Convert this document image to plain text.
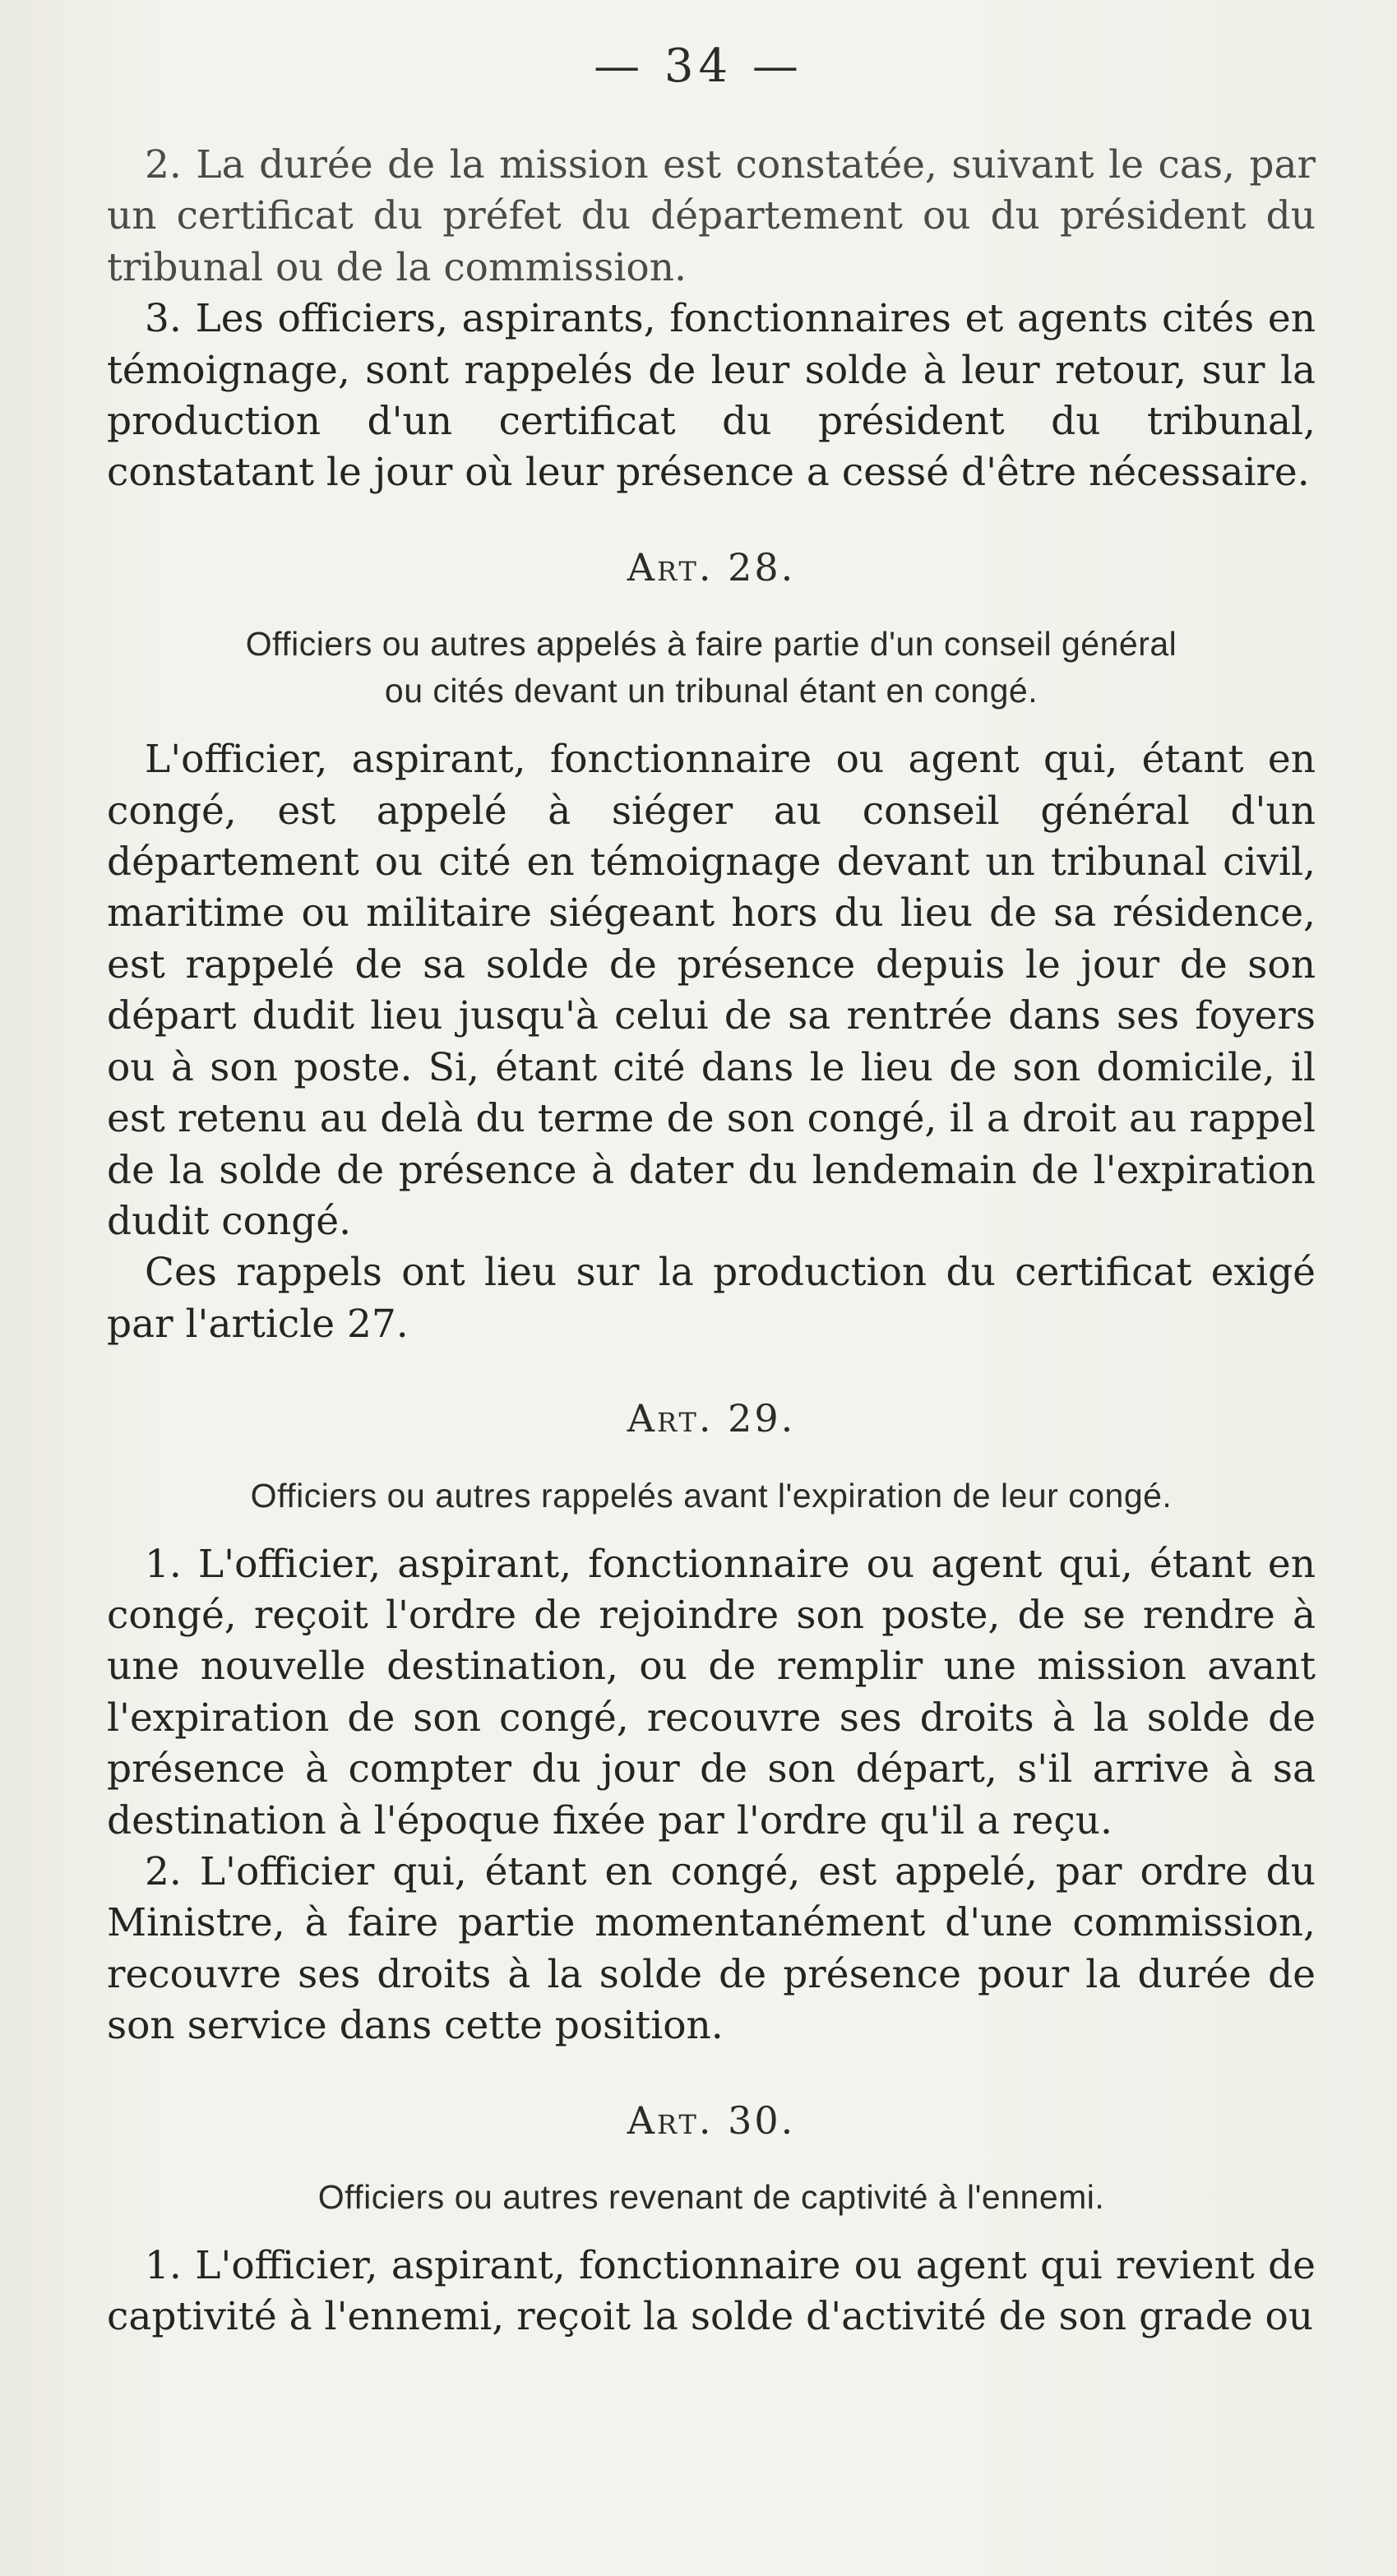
— 34 —

2. La durée de la mission est constatée, suivant le cas, par un certificat du préfet du département ou du président du tribunal ou de la commission.

3. Les officiers, aspirants, fonctionnaires et agents cités en témoignage, sont rappelés de leur solde à leur retour, sur la production d'un certificat du président du tribunal, constatant le jour où leur présence a cessé d'être nécessaire.

Art. 28.
Officiers ou autres appelés à faire partie d'un conseil général
ou cités devant un tribunal étant en congé.

L'officier, aspirant, fonctionnaire ou agent qui, étant en congé, est appelé à siéger au conseil général d'un département ou cité en témoignage devant un tribunal civil, maritime ou militaire siégeant hors du lieu de sa résidence, est rappelé de sa solde de présence depuis le jour de son départ dudit lieu jusqu'à celui de sa rentrée dans ses foyers ou à son poste. Si, étant cité dans le lieu de son domicile, il est retenu au delà du terme de son congé, il a droit au rappel de la solde de présence à dater du lendemain de l'expiration dudit congé.

Ces rappels ont lieu sur la production du certificat exigé par l'article 27.

Art. 29.
Officiers ou autres rappelés avant l'expiration de leur congé.

1. L'officier, aspirant, fonctionnaire ou agent qui, étant en congé, reçoit l'ordre de rejoindre son poste, de se rendre à une nouvelle destination, ou de remplir une mission avant l'expiration de son congé, recouvre ses droits à la solde de présence à compter du jour de son départ, s'il arrive à sa destination à l'époque fixée par l'ordre qu'il a reçu.

2. L'officier qui, étant en congé, est appelé, par ordre du Ministre, à faire partie momentanément d'une commission, recouvre ses droits à la solde de présence pour la durée de son service dans cette position.

Art. 30.
Officiers ou autres revenant de captivité à l'ennemi.

1. L'officier, aspirant, fonctionnaire ou agent qui revient de captivité à l'ennemi, reçoit la solde d'activité de son grade ou
